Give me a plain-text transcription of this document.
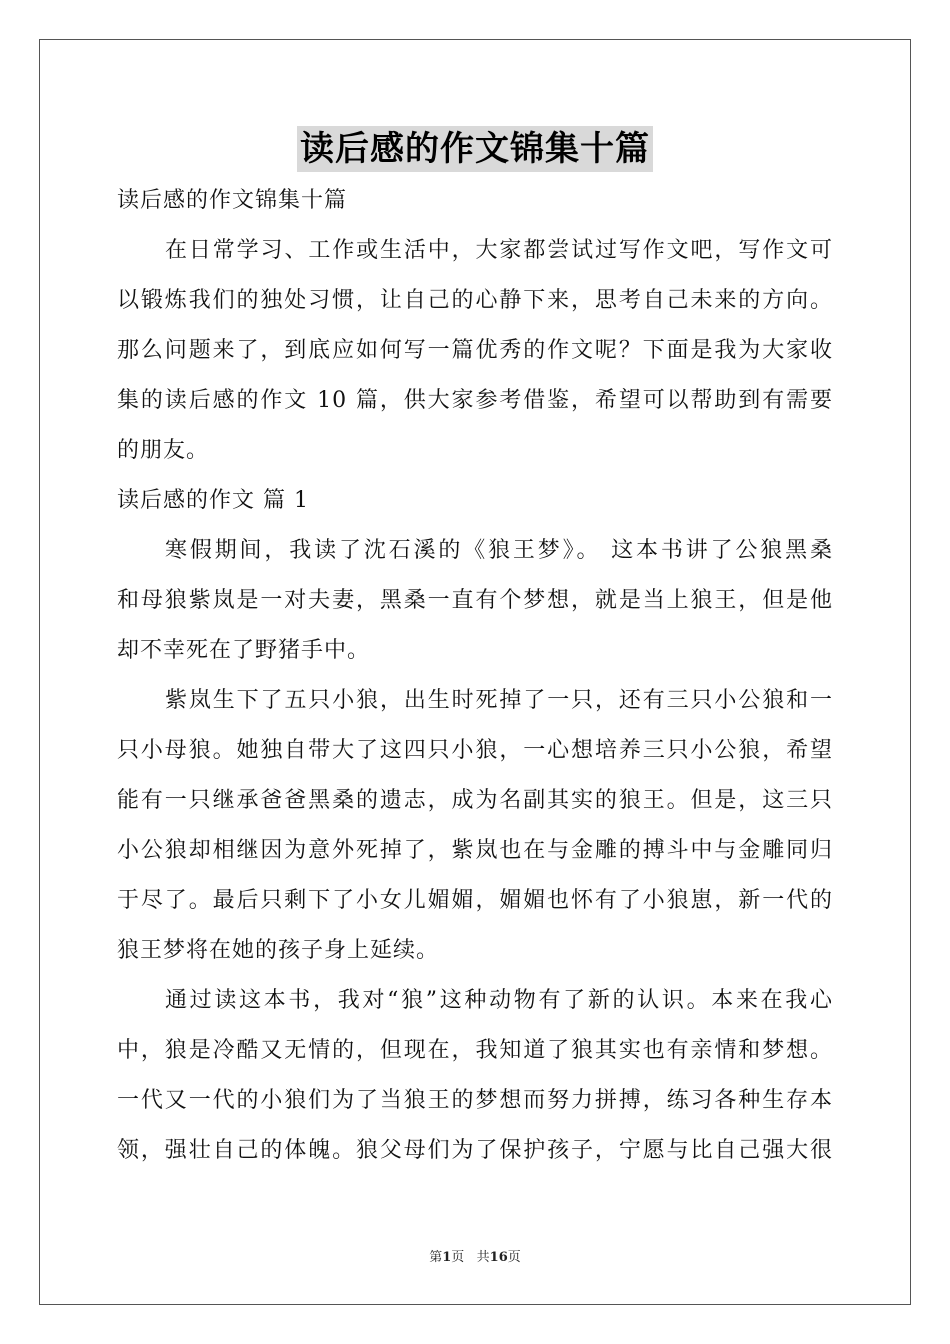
读后感的作文锦集十篇
读后感的作文锦集十篇
在日常学习、工作或生活中，大家都尝试过写作文吧，写作文可
以锻炼我们的独处习惯，让自己的心静下来，思考自己未来的方向。
那么问题来了，到底应如何写一篇优秀的作文呢？下面是我为大家收
集的读后感的作文 10 篇，供大家参考借鉴，希望可以帮助到有需要
的朋友。
读后感的作文 篇 1
寒假期间，我读了沈石溪的《狼王梦》。 这本书讲了公狼黑桑
和母狼紫岚是一对夫妻，黑桑一直有个梦想，就是当上狼王，但是他
却不幸死在了野猪手中。
紫岚生下了五只小狼，出生时死掉了一只，还有三只小公狼和一
只小母狼。她独自带大了这四只小狼，一心想培养三只小公狼，希望
能有一只继承爸爸黑桑的遗志，成为名副其实的狼王。但是，这三只
小公狼却相继因为意外死掉了，紫岚也在与金雕的搏斗中与金雕同归
于尽了。最后只剩下了小女儿媚媚，媚媚也怀有了小狼崽，新一代的
狼王梦将在她的孩子身上延续。
通过读这本书，我对“狼”这种动物有了新的认识。本来在我心
中，狼是冷酷又无情的，但现在，我知道了狼其实也有亲情和梦想。
一代又一代的小狼们为了当狼王的梦想而努力拼搏，练习各种生存本
领，强壮自己的体魄。狼父母们为了保护孩子，宁愿与比自己强大很
第1页   共16页
